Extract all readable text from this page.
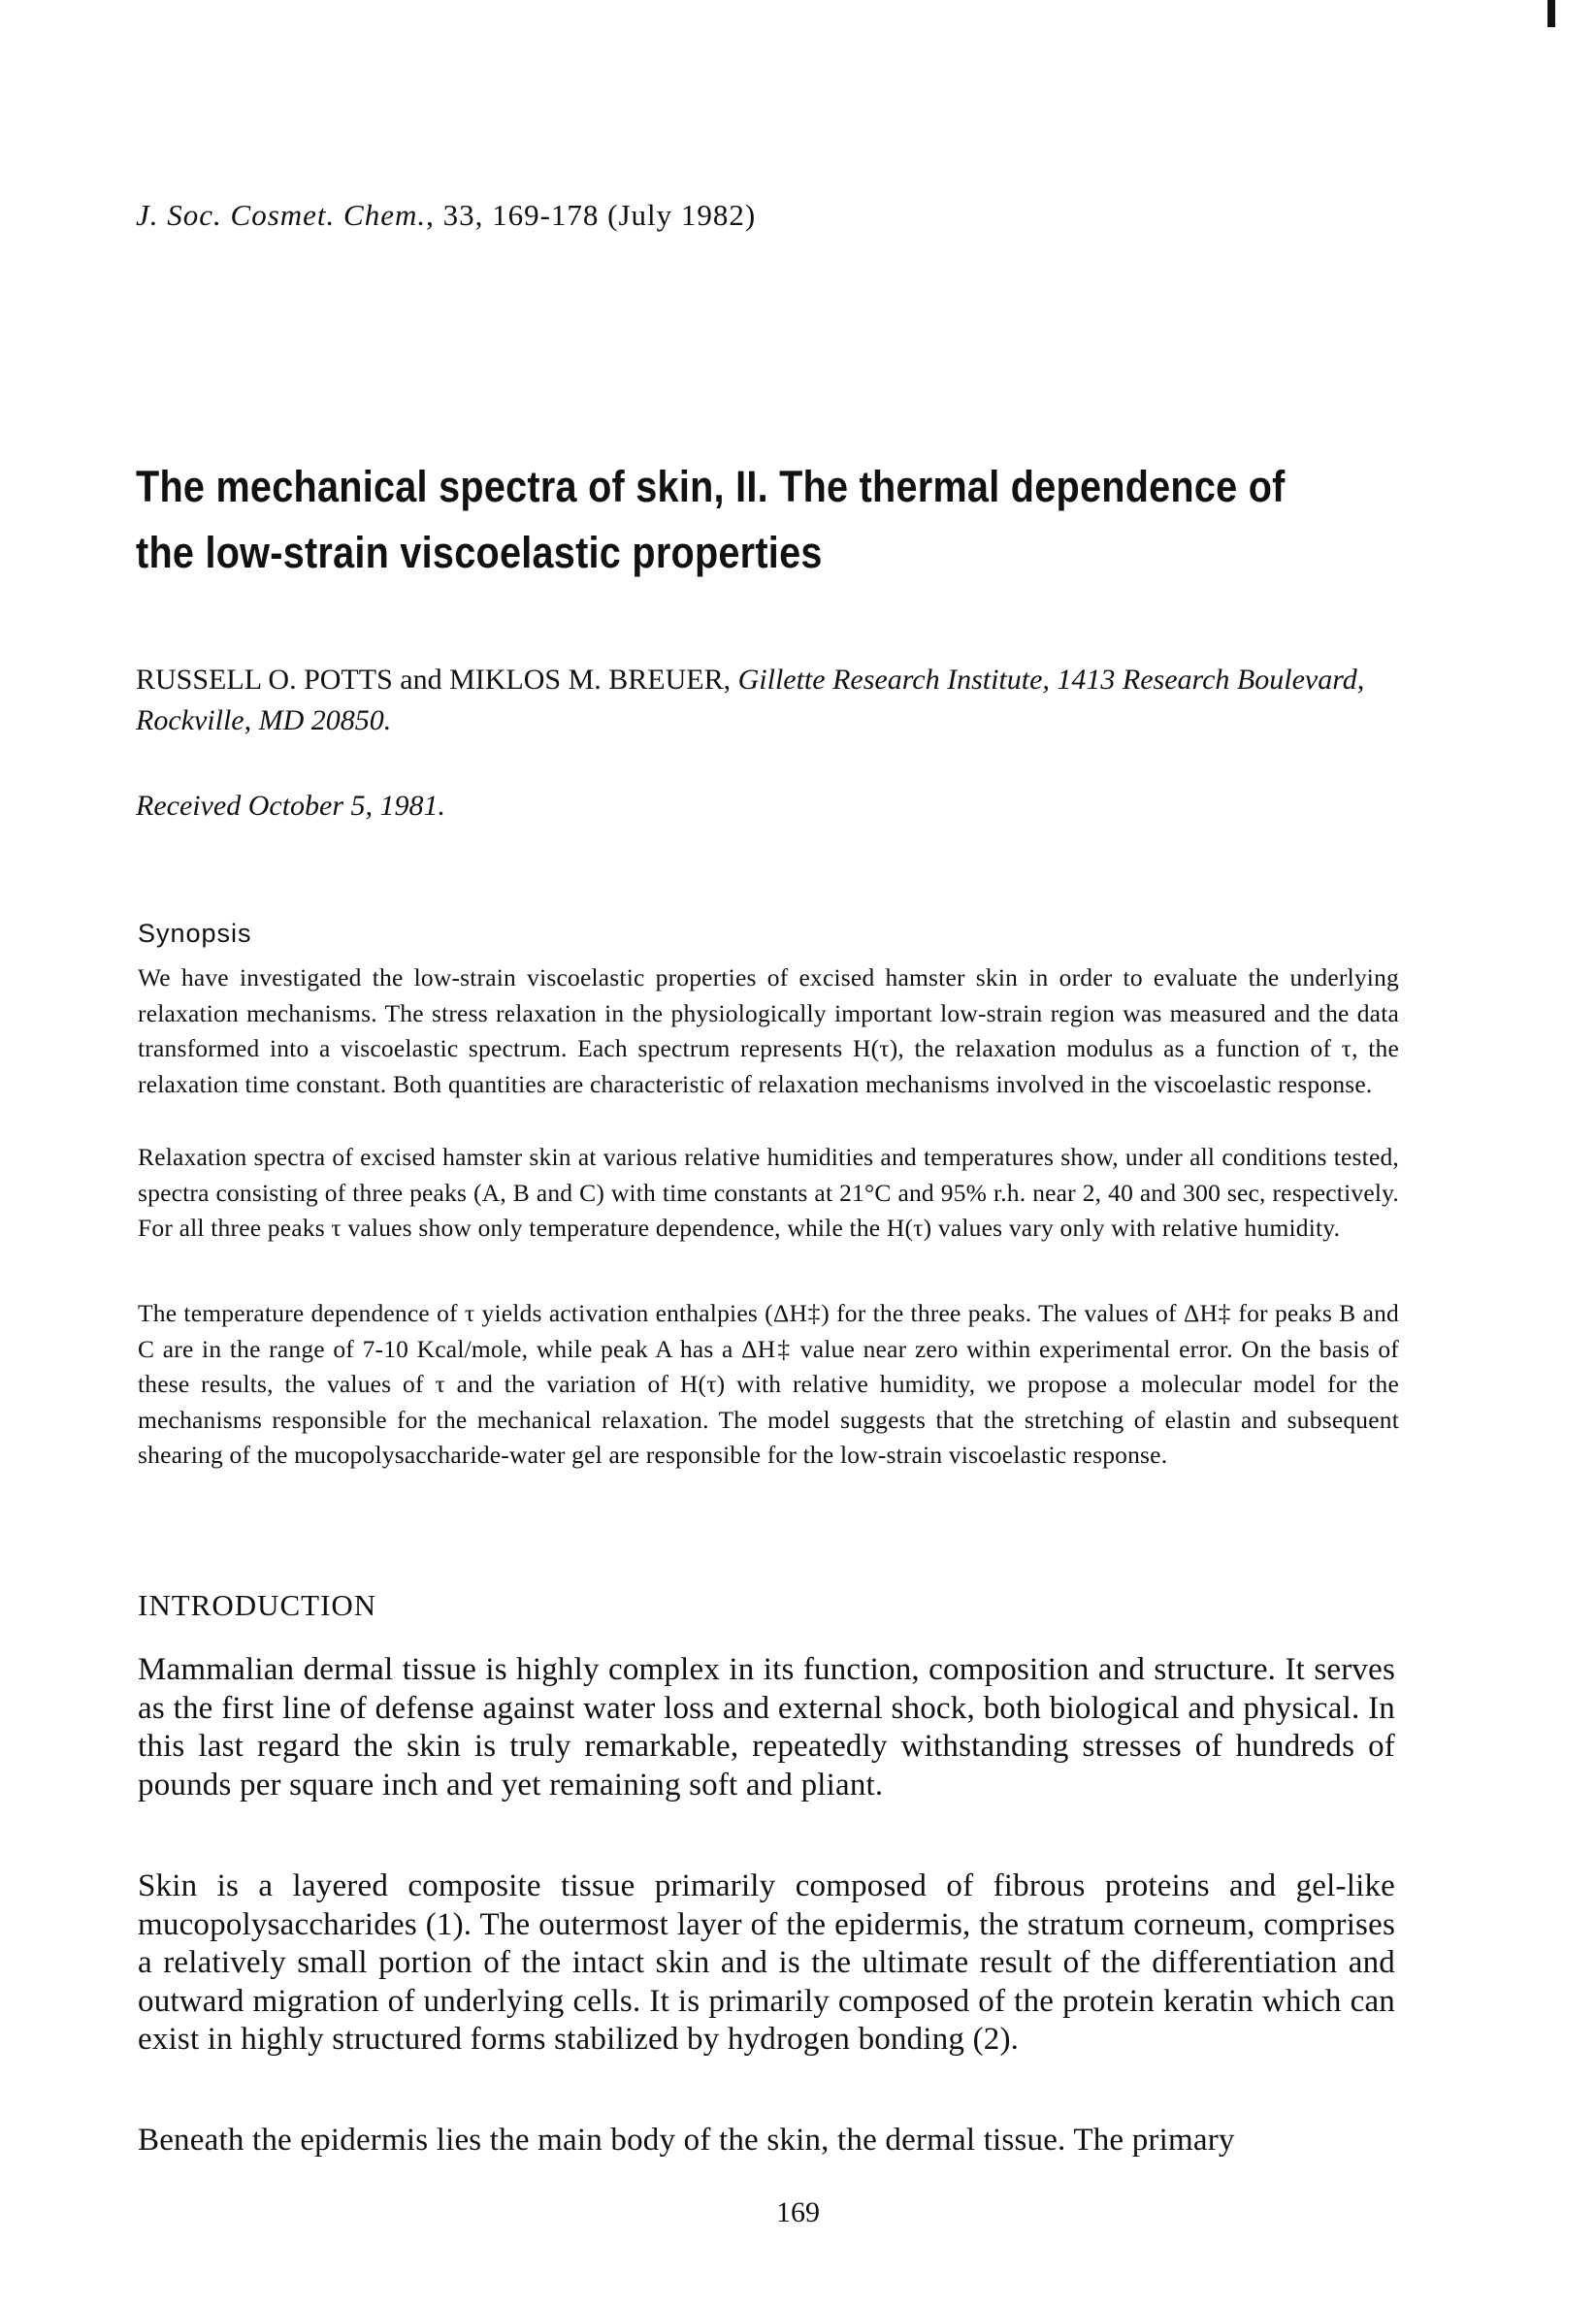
J. Soc. Cosmet. Chem., 33, 169-178 (July 1982)
The mechanical spectra of skin, II. The thermal dependence of the low-strain viscoelastic properties
RUSSELL O. POTTS and MIKLOS M. BREUER, Gillette Research Institute, 1413 Research Boulevard, Rockville, MD 20850.
Received October 5, 1981.
Synopsis

We have investigated the low-strain viscoelastic properties of excised hamster skin in order to evaluate the underlying relaxation mechanisms. The stress relaxation in the physiologically important low-strain region was measured and the data transformed into a viscoelastic spectrum. Each spectrum represents H(τ), the relaxation modulus as a function of τ, the relaxation time constant. Both quantities are characteristic of relaxation mechanisms involved in the viscoelastic response.

Relaxation spectra of excised hamster skin at various relative humidities and temperatures show, under all conditions tested, spectra consisting of three peaks (A, B and C) with time constants at 21°C and 95% r.h. near 2, 40 and 300 sec, respectively. For all three peaks τ values show only temperature dependence, while the H(τ) values vary only with relative humidity.

The temperature dependence of τ yields activation enthalpies (ΔH‡) for the three peaks. The values of ΔH‡ for peaks B and C are in the range of 7-10 Kcal/mole, while peak A has a ΔH‡ value near zero within experimental error. On the basis of these results, the values of τ and the variation of H(τ) with relative humidity, we propose a molecular model for the mechanisms responsible for the mechanical relaxation. The model suggests that the stretching of elastin and subsequent shearing of the mucopolysaccharide-water gel are responsible for the low-strain viscoelastic response.

INTRODUCTION

Mammalian dermal tissue is highly complex in its function, composition and structure. It serves as the first line of defense against water loss and external shock, both biological and physical. In this last regard the skin is truly remarkable, repeatedly withstanding stresses of hundreds of pounds per square inch and yet remaining soft and pliant.

Skin is a layered composite tissue primarily composed of fibrous proteins and gel-like mucopolysaccharides (1). The outermost layer of the epidermis, the stratum corneum, comprises a relatively small portion of the intact skin and is the ultimate result of the differentiation and outward migration of underlying cells. It is primarily composed of the protein keratin which can exist in highly structured forms stabilized by hydrogen bonding (2).

Beneath the epidermis lies the main body of the skin, the dermal tissue. The primary

169
